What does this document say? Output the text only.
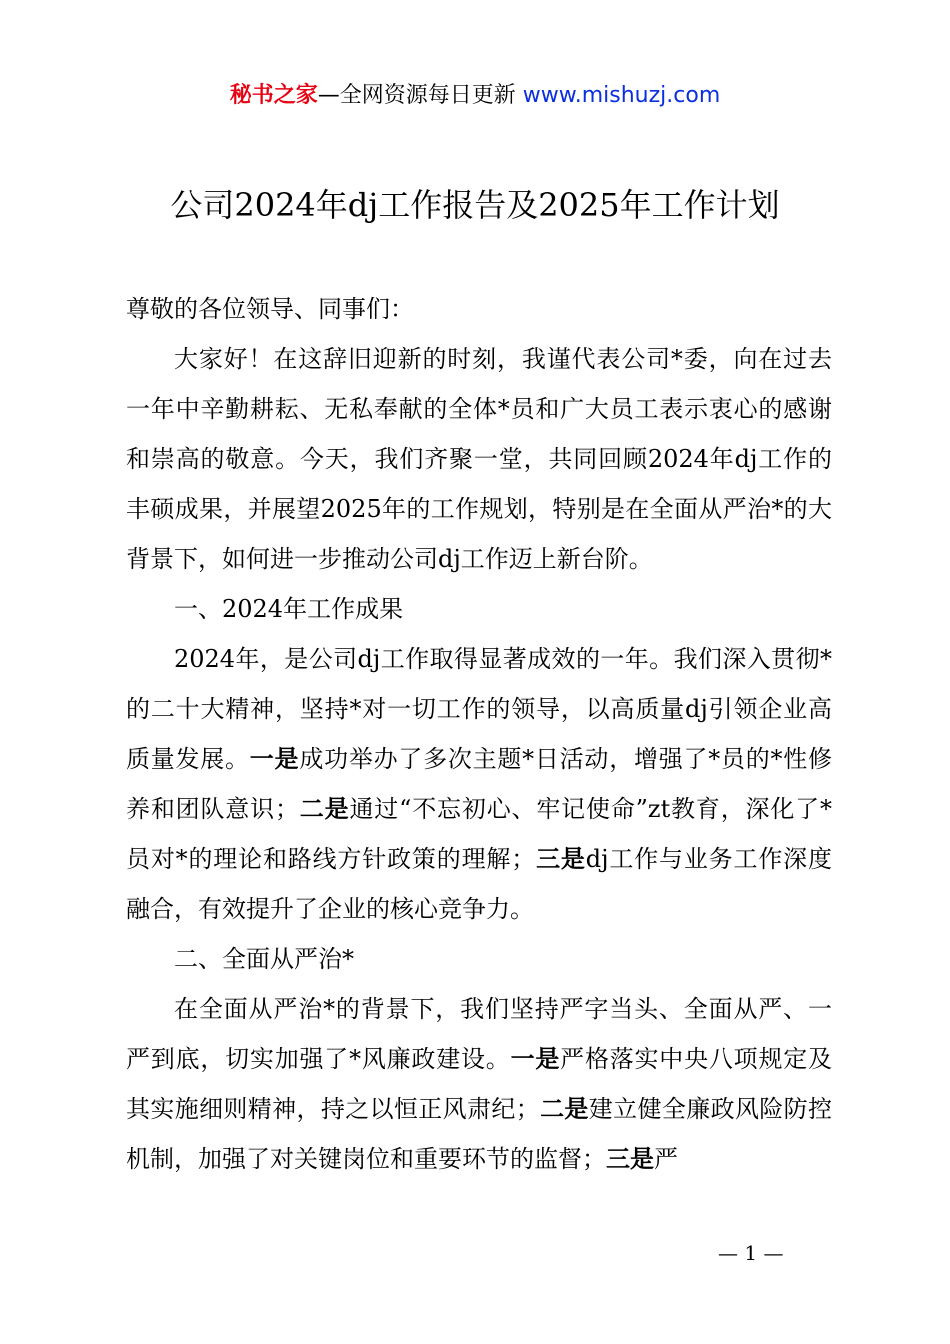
秘书之家—全网资源每日更新 www.mishuzj.com
公司2024年dj工作报告及2025年工作计划

尊敬的各位领导、同事们：

大家好！在这辞旧迎新的时刻，我谨代表公司*委，向在过去一年中辛勤耕耘、无私奉献的全体*员和广大员工表示衷心的感谢和崇高的敬意。今天，我们齐聚一堂，共同回顾2024年dj工作的丰硕成果，并展望2025年的工作规划，特别是在全面从严治*的大背景下，如何进一步推动公司dj工作迈上新台阶。

一、2024年工作成果

2024年，是公司dj工作取得显著成效的一年。我们深入贯彻*的二十大精神，坚持*对一切工作的领导，以高质量dj引领企业高质量发展。一是成功举办了多次主题*日活动，增强了*员的*性修养和团队意识；二是通过“不忘初心、牢记使命”zt教育，深化了*员对*的理论和路线方针政策的理解；三是dj工作与业务工作深度融合，有效提升了企业的核心竞争力。

二、全面从严治*

在全面从严治*的背景下，我们坚持严字当头、全面从严、一严到底，切实加强了*风廉政建设。一是严格落实中央八项规定及其实施细则精神，持之以恒正风肃纪；二是建立健全廉政风险防控机制，加强了对关键岗位和重要环节的监督；三是严

— 1 —
